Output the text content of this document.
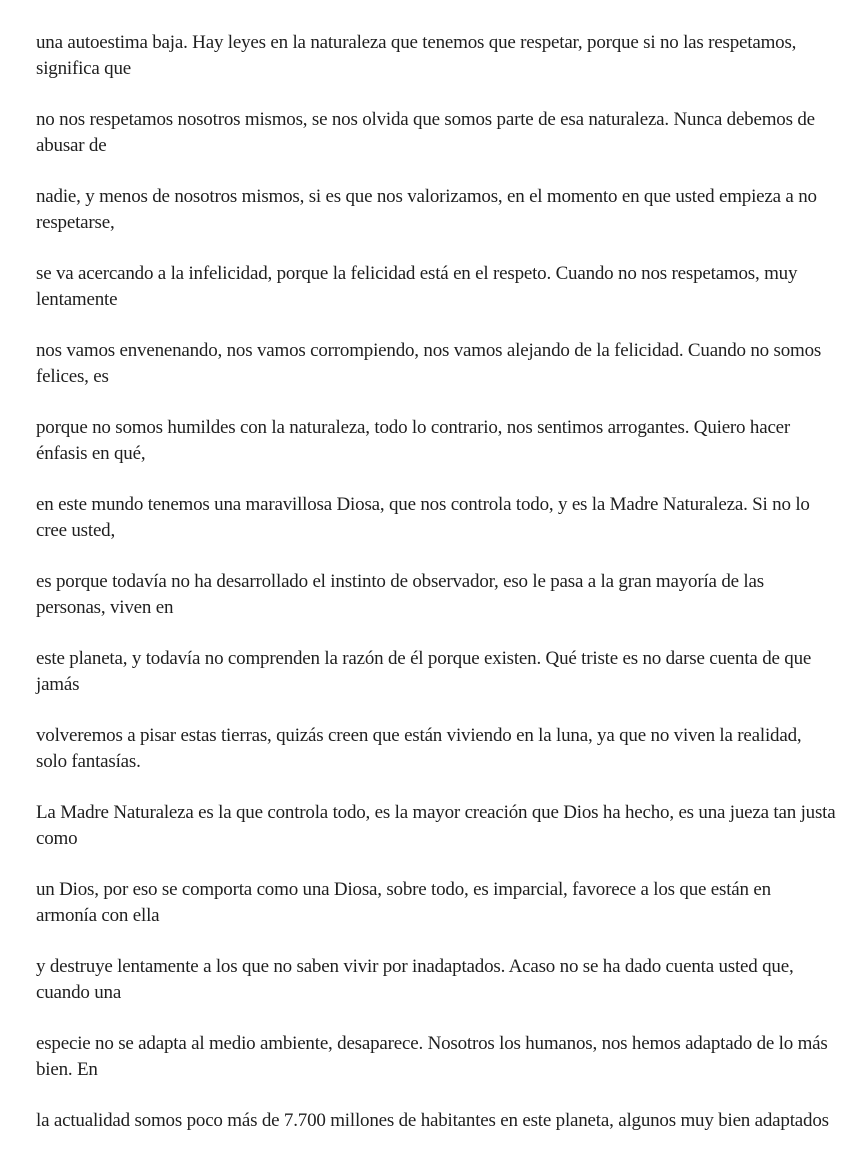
una autoestima baja. Hay leyes en la naturaleza que tenemos que respetar, porque si no las respetamos, significa que

no nos respetamos nosotros mismos, se nos olvida que somos parte de esa naturaleza. Nunca debemos de abusar de

nadie, y menos de nosotros mismos, si es que nos valorizamos, en el momento en que usted empieza a no respetarse,

se va acercando a la infelicidad, porque la felicidad está en el respeto. Cuando no nos respetamos, muy lentamente

nos vamos envenenando, nos vamos corrompiendo, nos vamos alejando de la felicidad. Cuando no somos felices, es

porque no somos humildes con la naturaleza, todo lo contrario, nos sentimos arrogantes. Quiero hacer énfasis en qué,

en este mundo tenemos una maravillosa Diosa, que nos controla todo, y es la Madre Naturaleza. Si no lo cree usted,

es porque todavía no ha desarrollado el instinto de observador, eso le pasa a la gran mayoría de las personas, viven en

este planeta, y todavía no comprenden la razón de él porque existen. Qué triste es no darse cuenta de que jamás

volveremos a pisar estas tierras, quizás creen que están viviendo en la luna, ya que no viven la realidad, solo fantasías.

La Madre Naturaleza es la que controla todo, es la mayor creación que Dios ha hecho, es una jueza tan justa como

un Dios, por eso se comporta como una Diosa, sobre todo, es imparcial, favorece a los que están en armonía con ella

y destruye lentamente a los que no saben vivir por inadaptados. Acaso no se ha dado cuenta usted que, cuando una

especie no se adapta al medio ambiente, desaparece. Nosotros los humanos, nos hemos adaptado de lo más bien. En

la actualidad somos poco más de 7.700 millones de habitantes en este planeta, algunos muy bien adaptados
